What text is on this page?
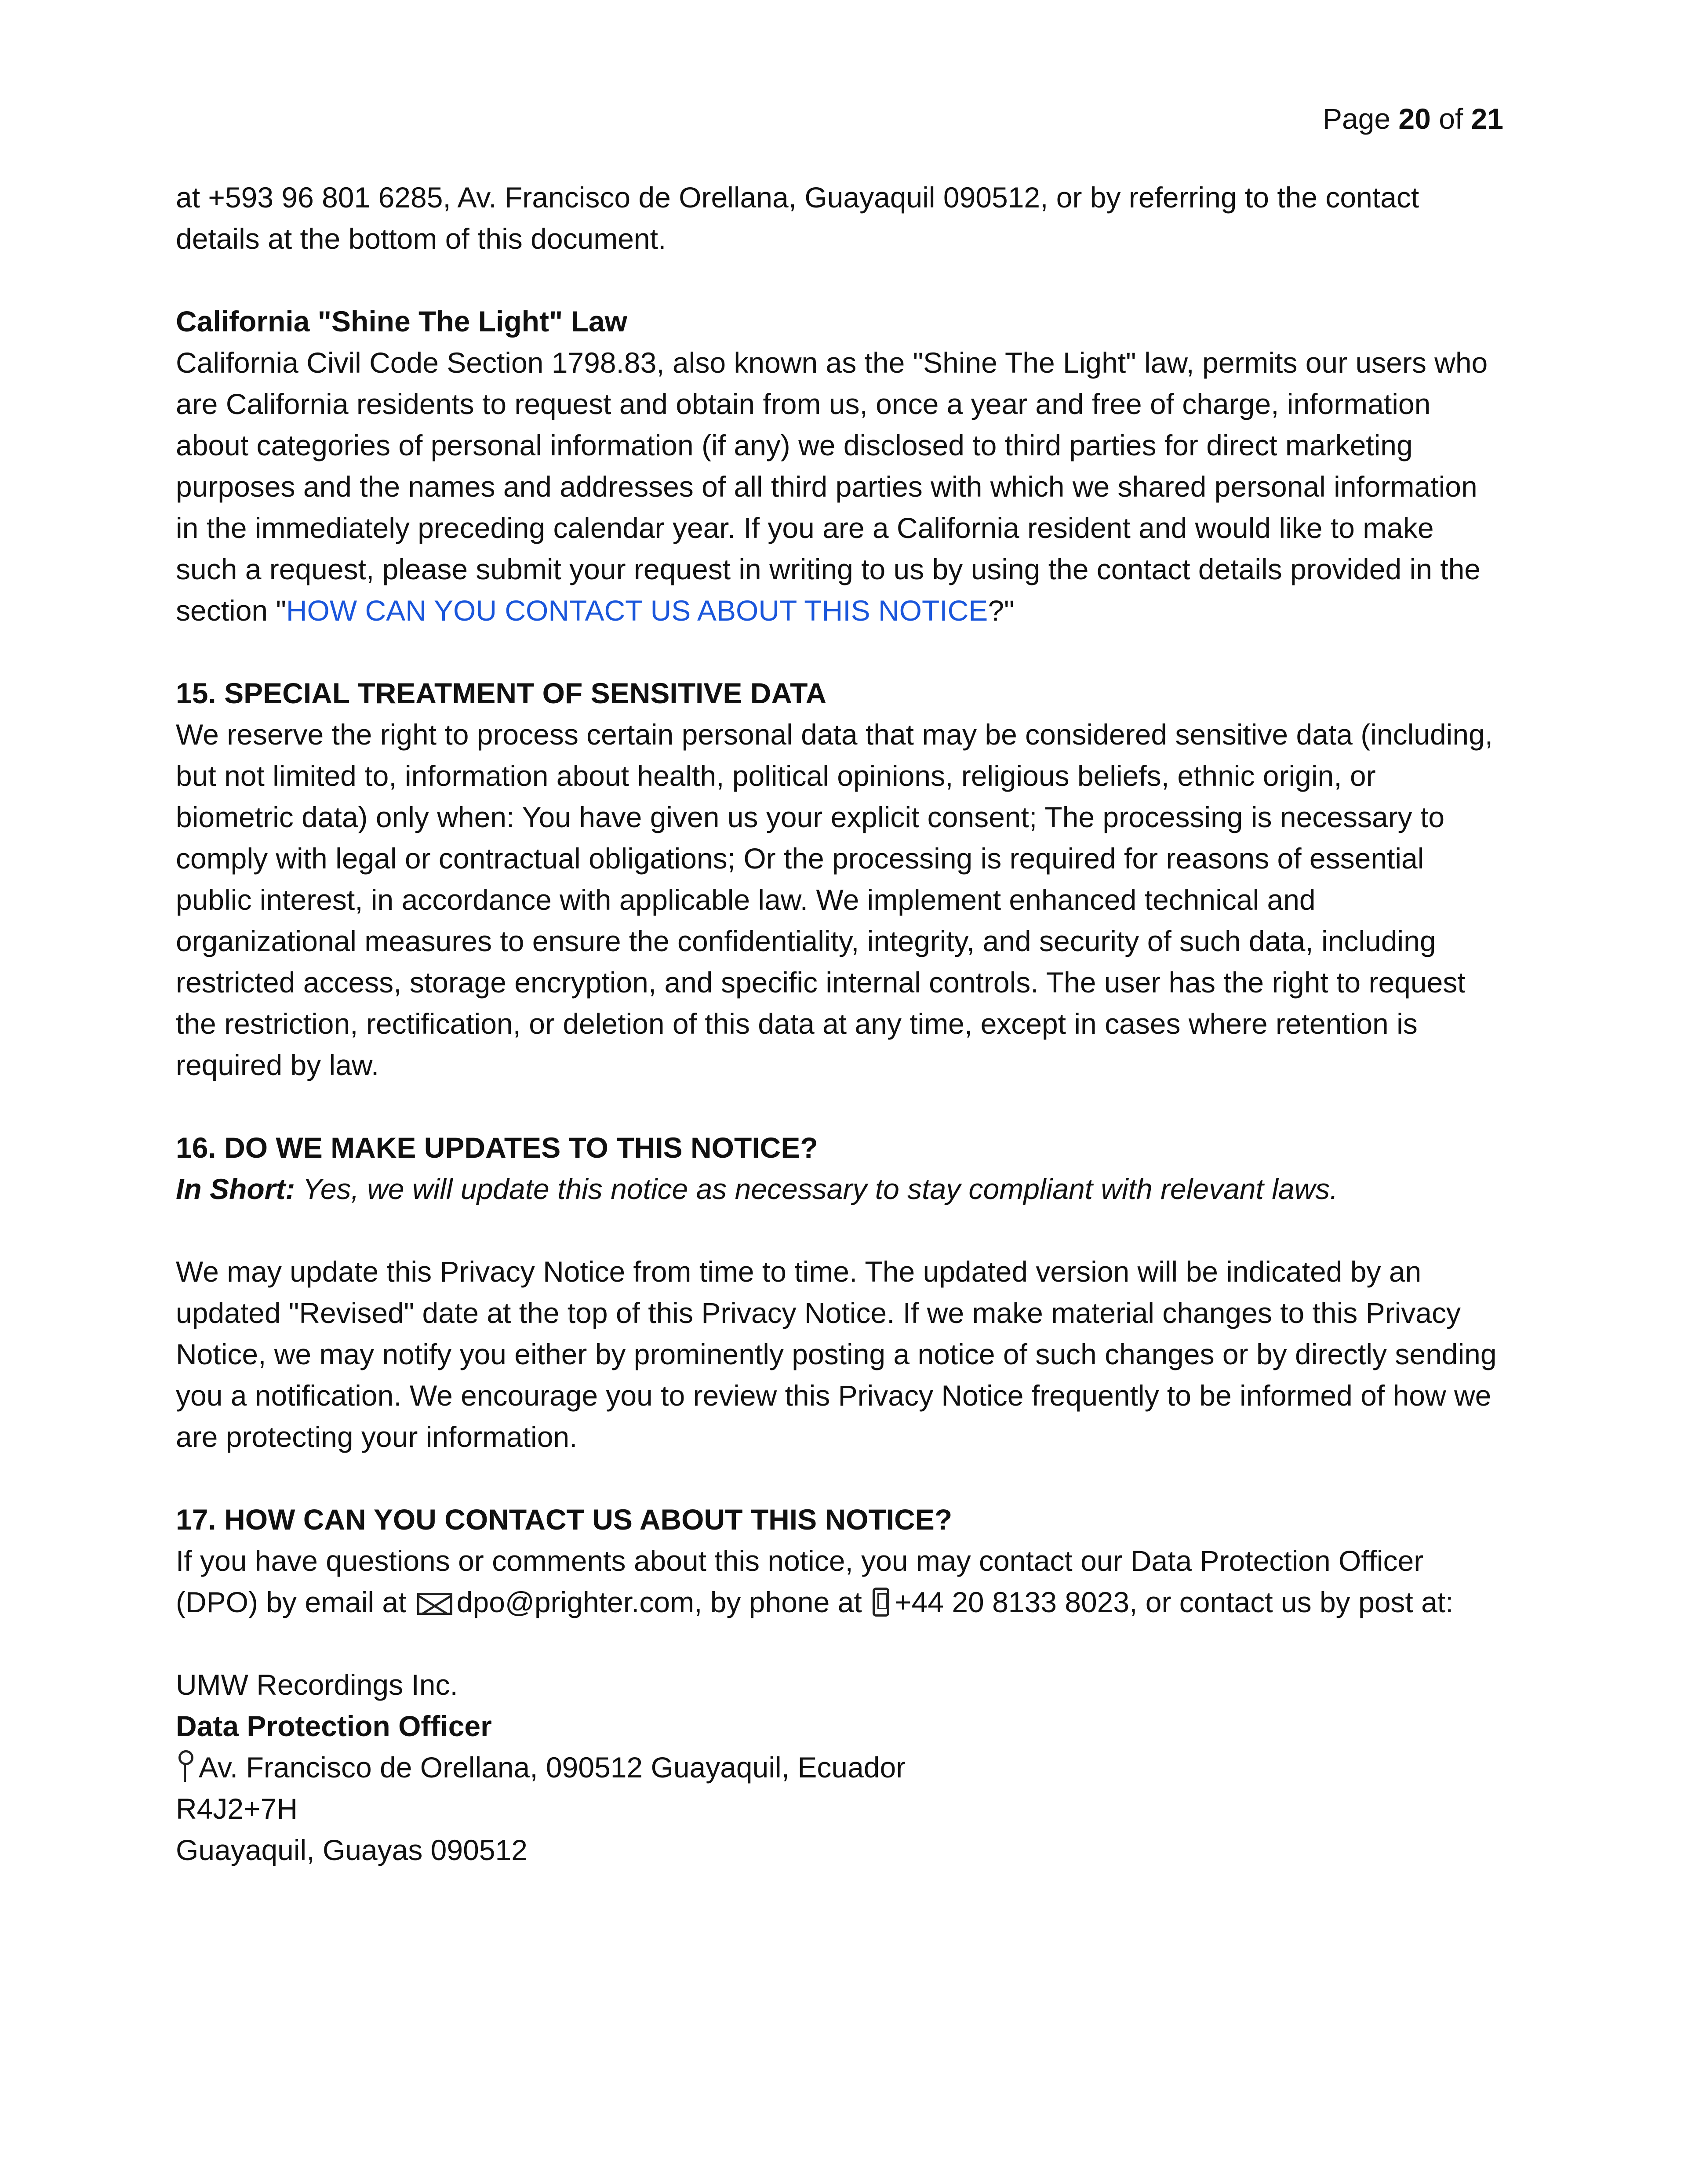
Page 20 of 21

at +593 96 801 6285, Av. Francisco de Orellana, Guayaquil 090512, or by referring to the contact details at the bottom of this document.

California "Shine The Light" Law

California Civil Code Section 1798.83, also known as the "Shine The Light" law, permits our users who are California residents to request and obtain from us, once a year and free of charge, information about categories of personal information (if any) we disclosed to third parties for direct marketing purposes and the names and addresses of all third parties with which we shared personal information in the immediately preceding calendar year. If you are a California resident and would like to make such a request, please submit your request in writing to us by using the contact details provided in the section "HOW CAN YOU CONTACT US ABOUT THIS NOTICE?"

15. SPECIAL TREATMENT OF SENSITIVE DATA

We reserve the right to process certain personal data that may be considered sensitive data (including, but not limited to, information about health, political opinions, religious beliefs, ethnic origin, or biometric data) only when: You have given us your explicit consent; The processing is necessary to comply with legal or contractual obligations; Or the processing is required for reasons of essential public interest, in accordance with applicable law. We implement enhanced technical and organizational measures to ensure the confidentiality, integrity, and security of such data, including restricted access, storage encryption, and specific internal controls. The user has the right to request the restriction, rectification, or deletion of this data at any time, except in cases where retention is required by law.

16. DO WE MAKE UPDATES TO THIS NOTICE?

In Short: Yes, we will update this notice as necessary to stay compliant with relevant laws.

We may update this Privacy Notice from time to time. The updated version will be indicated by an updated "Revised" date at the top of this Privacy Notice. If we make material changes to this Privacy Notice, we may notify you either by prominently posting a notice of such changes or by directly sending you a notification. We encourage you to review this Privacy Notice frequently to be informed of how we are protecting your information.

17. HOW CAN YOU CONTACT US ABOUT THIS NOTICE?

If you have questions or comments about this notice, you may contact our Data Protection Officer (DPO) by email at dpo@prighter.com, by phone at +44 20 8133 8023, or contact us by post at:

UMW Recordings Inc.

Data Protection Officer

Av. Francisco de Orellana, 090512 Guayaquil, Ecuador

R4J2+7H

Guayaquil, Guayas 090512
